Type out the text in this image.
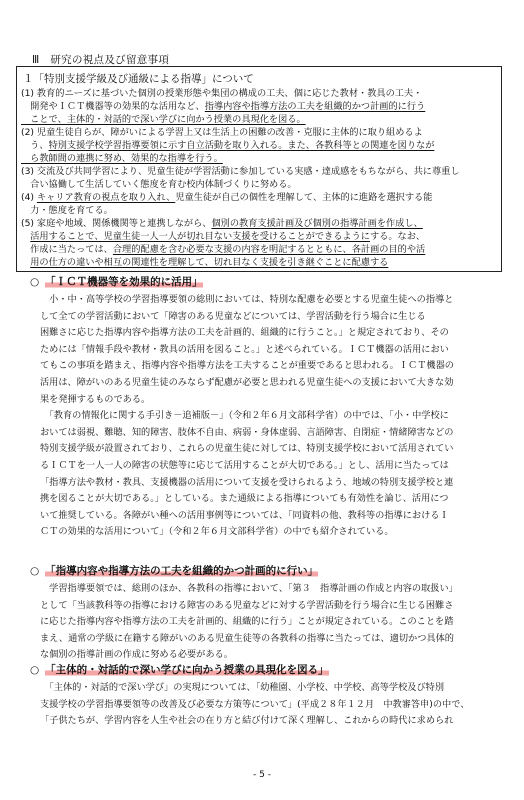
Ⅲ　研究の視点及び留意事項
１「特別支援学級及び通級による指導」について
(1) 教育的ニーズに基づいた個別の授業形態や集団の構成の工夫、個に応じた教材・教具の工夫・
　開発やＩＣＴ機器等の効果的な活用など、指導内容や指導方法の工夫を組織的かつ計画的に行う
　ことで、主体的・対話的で深い学びに向かう授業の具現化を図る。
(2) 児童生徒自らが、障がいによる学習上又は生活上の困難の改善・克服に主体的に取り組めるよ
　う、特別支援学校学習指導要領に示す自立活動を取り入れる。また、各教科等との関連を図りなが
　ら教師間の連携に努め、効果的な指導を行う。
(3) 交流及び共同学習により、児童生徒が学習活動に参加している実感・達成感をもちながら、共に尊重し
　合い協働して生活していく態度を育む校内体制づくりに努める。
(4) キャリア教育の視点を取り入れ、児童生徒が自己の個性を理解して、主体的に進路を選択する能
　力・態度を育てる。
(5) 家庭や地域、関係機関等と連携しながら、個別の教育支援計画及び個別の指導計画を作成し、
　活用することで、児童生徒一人一人が切れ目ない支援を受けることができるようにする。なお、
　作成に当たっては、合理的配慮を含む必要な支援の内容を明記するとともに、各計画の目的や活
　用の仕方の違いや相互の関連性を理解して、切れ目なく支援を引き継ぐことに配慮する
○ 「ＩＣＴ機器等を効果的に活用」
　小・中・高等学校の学習指導要領の総則においては、特別な配慮を必要とする児童生徒への指導と
して全ての学習活動において「障害のある児童などについては、学習活動を行う場合に生じる
困難さに応じた指導内容や指導方法の工夫を計画的、組織的に行うこと。」と規定されており、その
ためには「情報手段や教材・教具の活用を図ること。」と述べられている。ＩＣＴ機器の活用におい
てもこの事項を踏まえ、指導内容や指導方法を工夫することが重要であると思われる。ＩＣＴ機器の
活用は、障がいのある児童生徒のみならず配慮が必要と思われる児童生徒への支援において大きな効
果を発揮するものである。
　「教育の情報化に関する手引き－追補版－」（令和２年６月文部科学省）の中では、「小・中学校に
おいては弱視、難聴、知的障害、肢体不自由、病弱・身体虚弱、言語障害、自閉症・情緒障害などの
特別支援学級が設置されており、これらの児童生徒に対しては、特別支援学校において活用されてい
るＩＣＴを一人一人の障害の状態等に応じて活用することが大切である。」とし、活用に当たっては
「指導方法や教材・教具、支援機器の活用について支援を受けられるよう、地域の特別支援学校と連
携を図ることが大切である。」としている。また通級による指導についても有効性を論じ、活用につ
いて推奨している。各障がい種への活用事例等については、「同資料の他、教科等の指導におけるＩ
ＣＴの効果的な活用について」（令和２年６月文部科学省）の中でも紹介されている。
○ 「指導内容や指導方法の工夫を組織的かつ計画的に行い」
　学習指導要領では、総則のほか、各教科の指導において、「第３　指導計画の作成と内容の取扱い」
として「当該教科等の指導における障害のある児童などに対する学習活動を行う場合に生じる困難さ
に応じた指導内容や指導方法の工夫を計画的、組織的に行う」ことが規定されている。このことを踏
まえ、通常の学級に在籍する障がいのある児童生徒等の各教科の指導に当たっては、適切かつ具体的
な個別の指導計画の作成に努める必要がある。
○ 「主体的・対話的で深い学びに向かう授業の具現化を図る」
　「主体的・対話的で深い学び」の実現については、「幼稚園、小学校、中学校、高等学校及び特別
支援学校の学習指導要領等の改善及び必要な方策等について」(平成２８年１２月　中教審答申)の中で、
「子供たちが、学習内容を人生や社会の在り方と結び付けて深く理解し、これからの時代に求められ
- 5 -
